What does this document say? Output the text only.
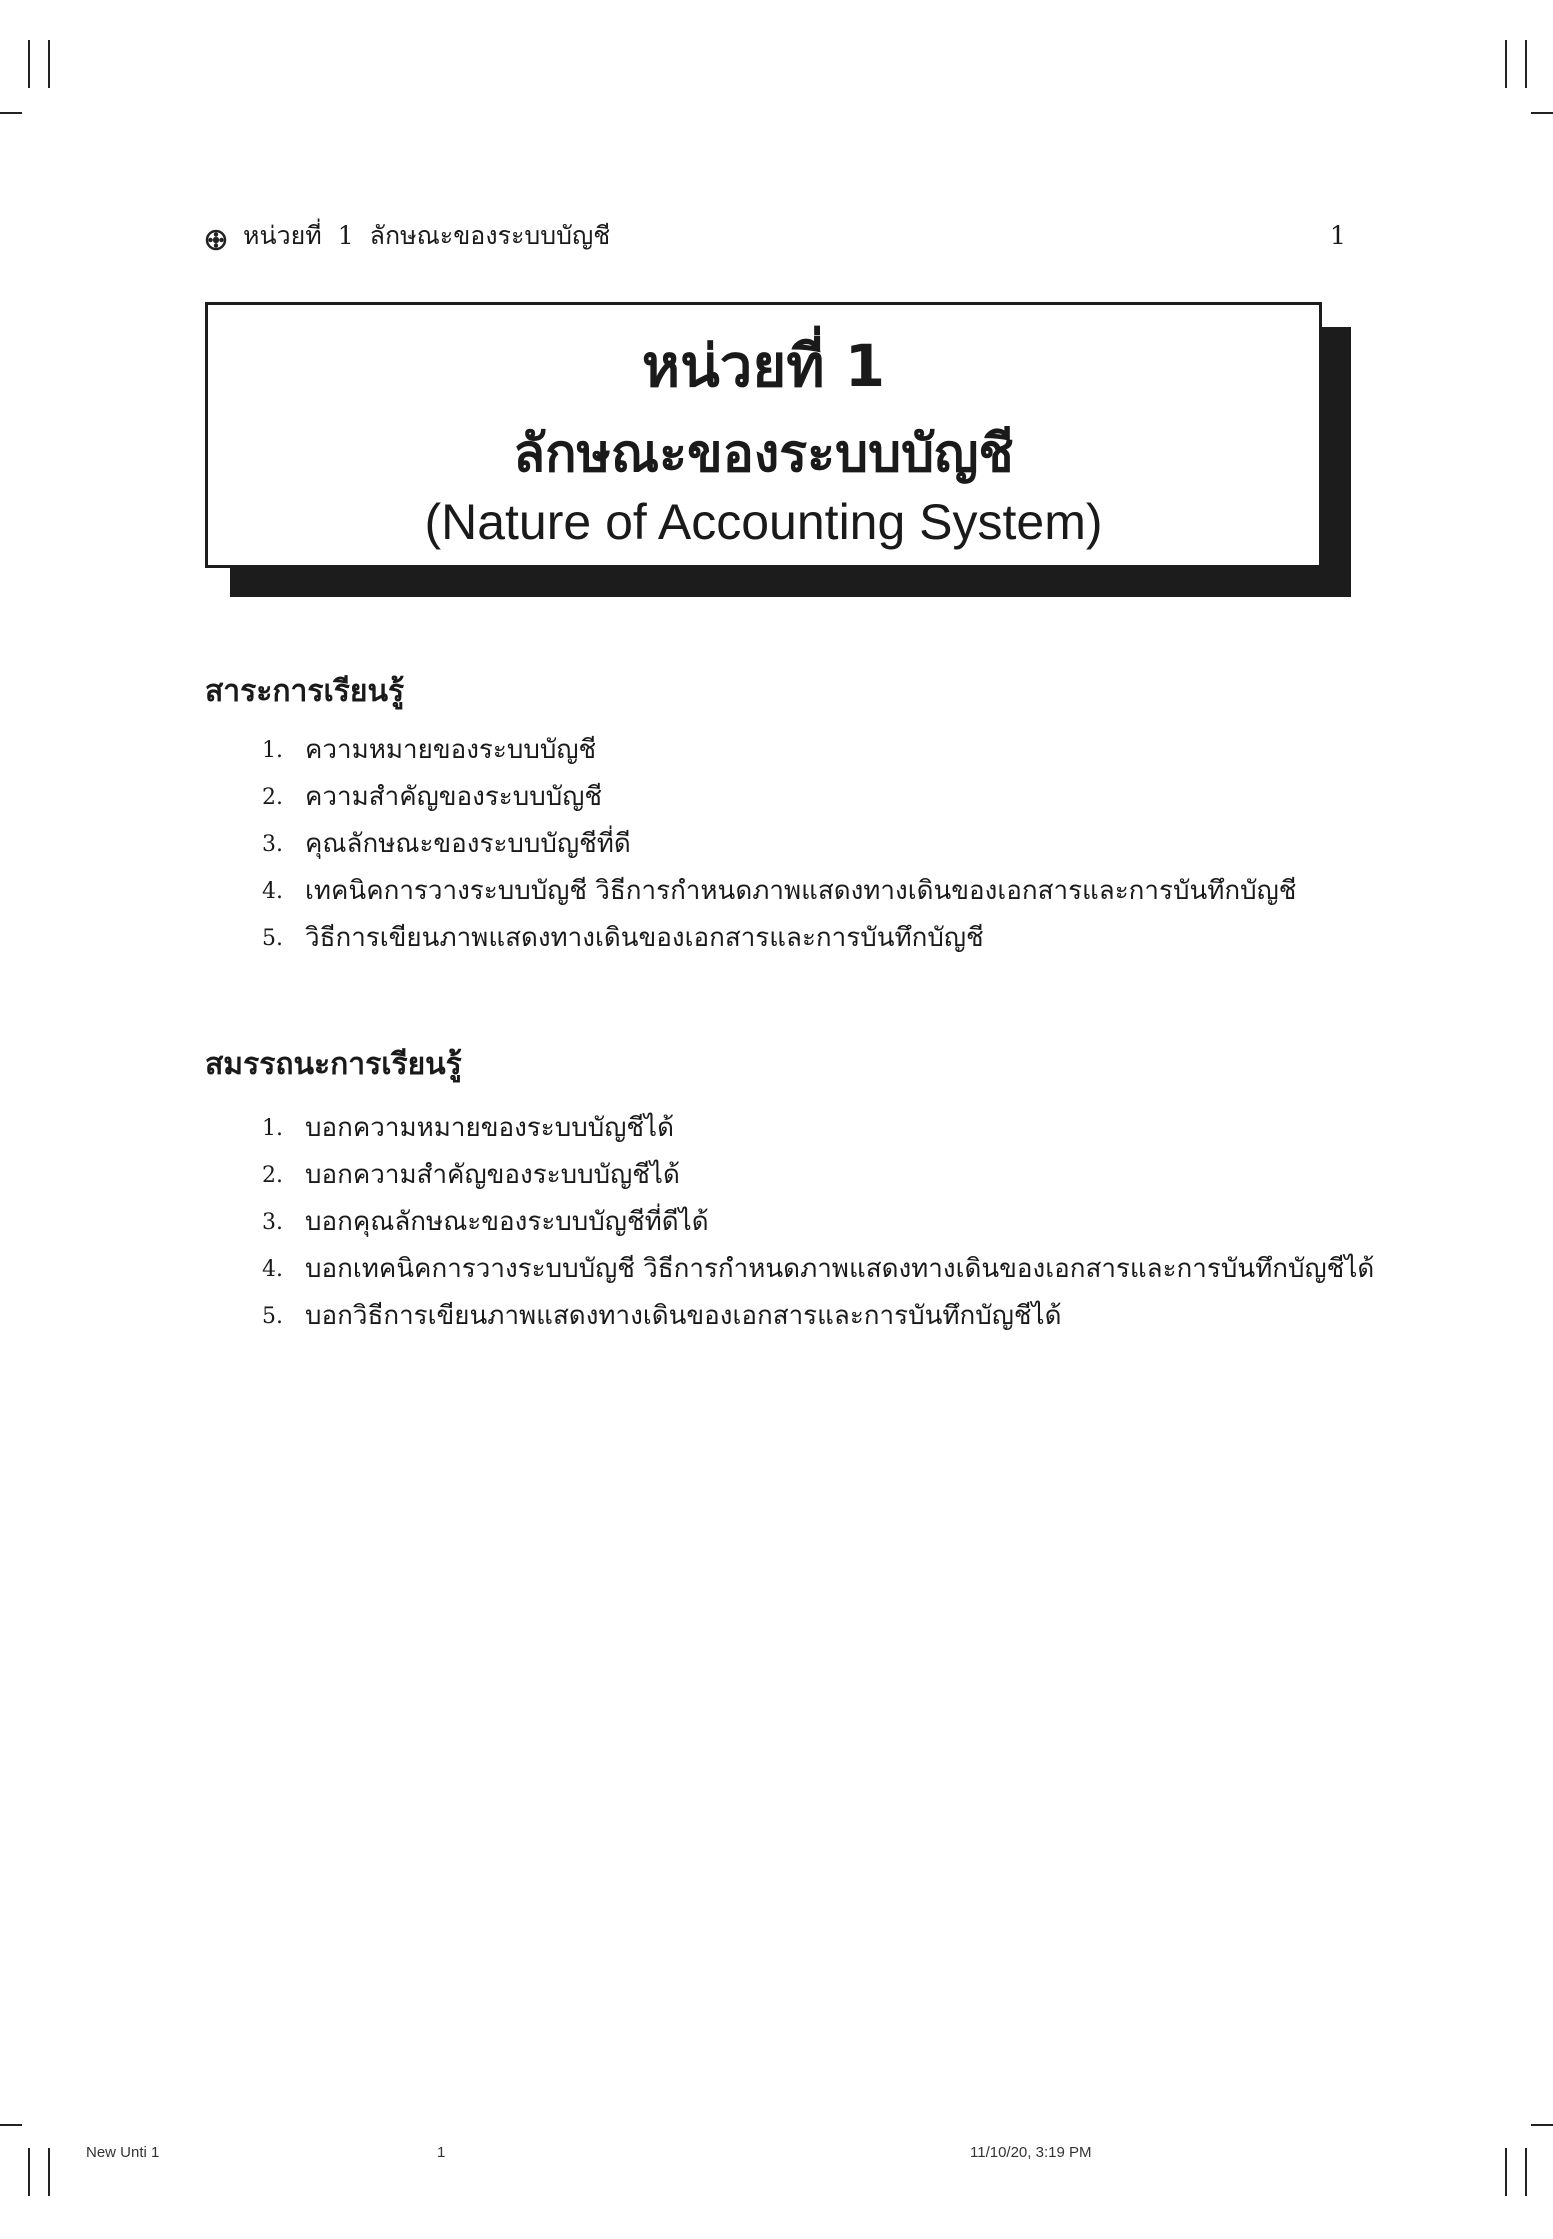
หน่วยที่ 1 ลักษณะของระบบบัญชี	1
หน่วยที่ 1
ลักษณะของระบบบัญชี
(Nature of Accounting System)
สาระการเรียนรู้
1. ความหมายของระบบบัญชี
2. ความสำคัญของระบบบัญชี
3. คุณลักษณะของระบบบัญชีที่ดี
4. เทคนิคการวางระบบบัญชี วิธีการกำหนดภาพแสดงทางเดินของเอกสารและการบันทึกบัญชี
5. วิธีการเขียนภาพแสดงทางเดินของเอกสารและการบันทึกบัญชี
สมรรถนะการเรียนรู้
1. บอกความหมายของระบบบัญชีได้
2. บอกความสำคัญของระบบบัญชีได้
3. บอกคุณลักษณะของระบบบัญชีที่ดีได้
4. บอกเทคนิคการวางระบบบัญชี วิธีการกำหนดภาพแสดงทางเดินของเอกสารและการบันทึกบัญชีได้
5. บอกวิธีการเขียนภาพแสดงทางเดินของเอกสารและการบันทึกบัญชีได้
New Unti 1	1	11/10/20, 3:19 PM
